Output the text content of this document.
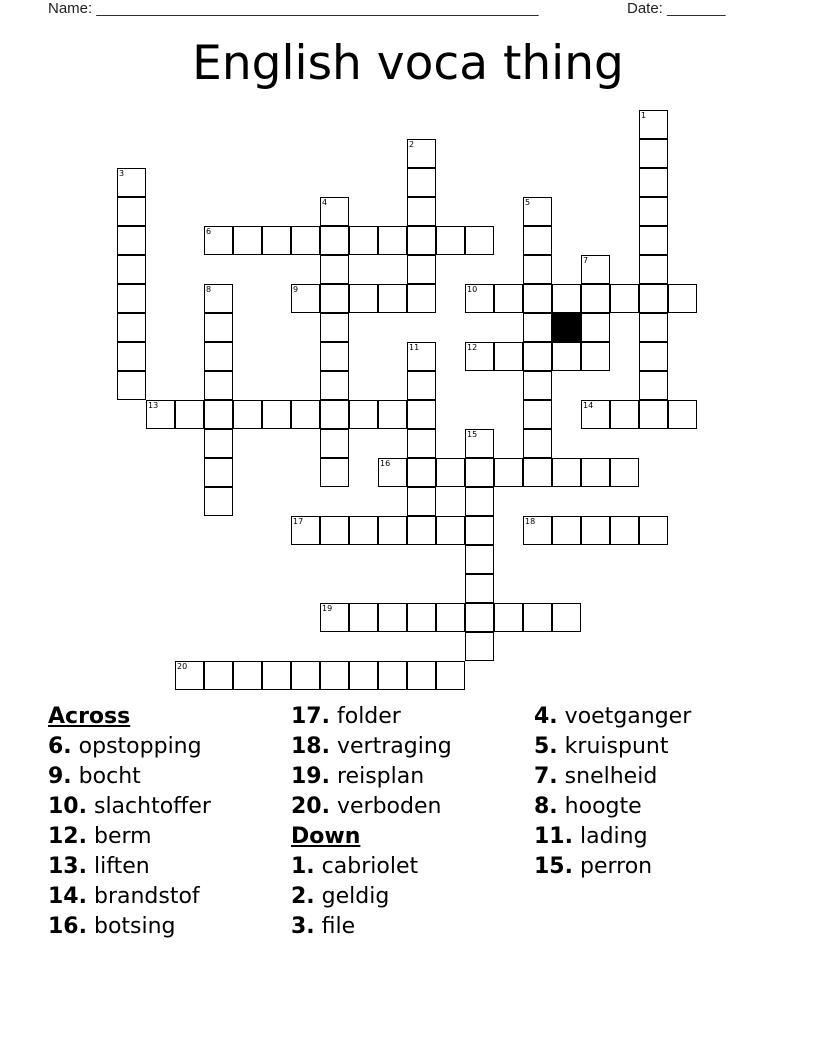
Name: _____________________________________________________	Date: _______
English voca thing
1
2
3
4	5
6
7
8	9	10
11	12
13	14
15
16
17	18
19
20
Across
6. opstopping
9. bocht
10. slachtoffer
12. berm
13. liften
14. brandstof
16. botsing
17. folder
18. vertraging
19. reisplan
20. verboden
Down
1. cabriolet
2. geldig
3. file
4. voetganger
5. kruispunt
7. snelheid
8. hoogte
11. lading
15. perron
